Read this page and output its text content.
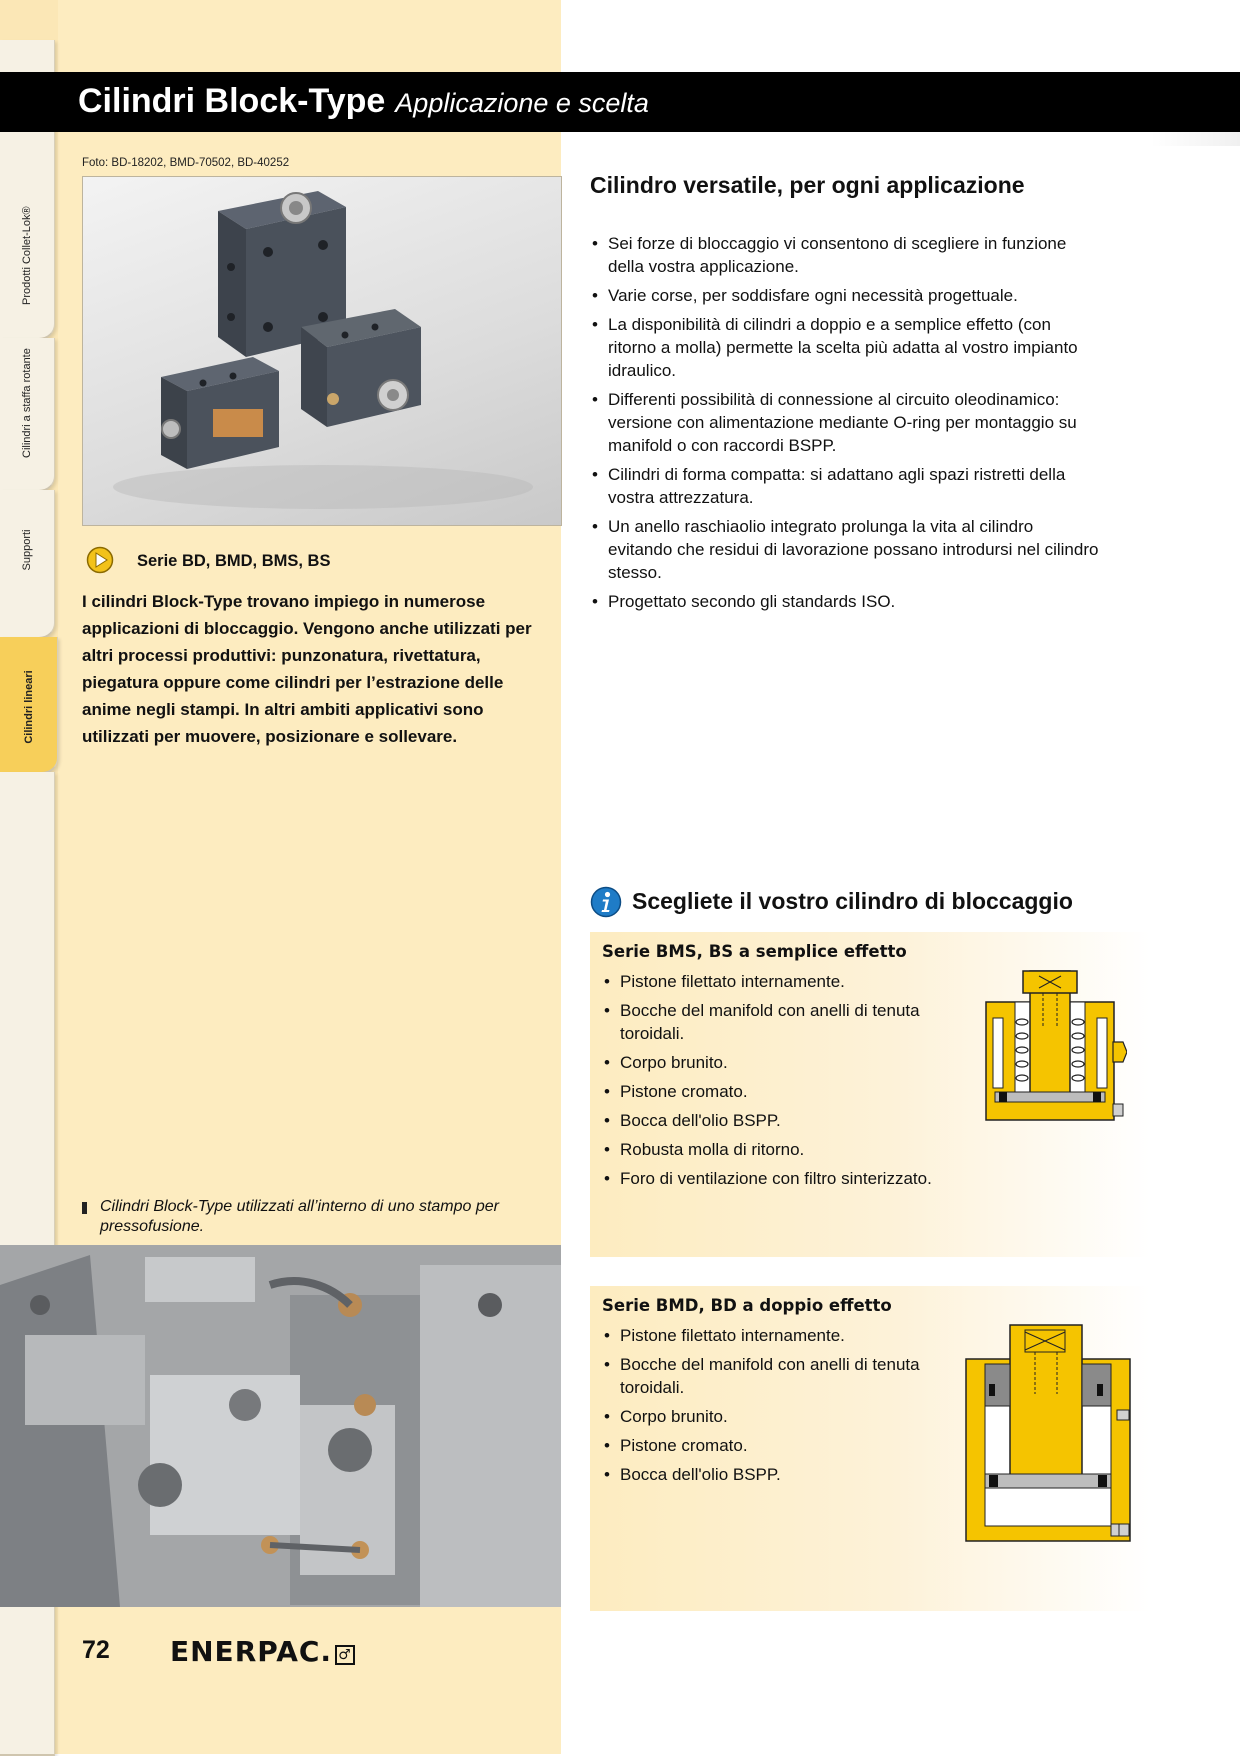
Prodotti Collet-Lok®
Cilindri a staffa rotante
Supporti
Cilindri lineari
Cilindri Block-Type Applicazione e scelta
Foto: BD-18202, BMD-70502, BD-40252
Serie BD, BMD, BMS, BS
I cilindri Block-Type trovano impiego in numerose applicazioni di bloccaggio. Vengono anche utilizzati per altri processi produttivi: punzonatura, rivettatura, piegatura oppure come cilindri per l’estrazione delle anime negli stampi. In altri ambiti applicativi sono utilizzati per muovere, posizionare e sollevare.
Cilindri Block-Type utilizzati all’interno di uno stampo per pressofusione.
72 ENERPAC. ♂
Cilindro versatile, per ogni applicazione
• Sei forze di bloccaggio vi consentono di scegliere in funzione della vostra applicazione.
• Varie corse, per soddisfare ogni necessità progettuale.
• La disponibilità di cilindri a doppio e a semplice effetto (con ritorno a molla) permette la scelta più adatta al vostro impianto idraulico.
• Differenti possibilità di connessione al circuito oleodinamico: versione con alimentazione mediante O-ring per montaggio su manifold o con raccordi BSPP.
• Cilindri di forma compatta: si adattano agli spazi ristretti della vostra attrezzatura.
• Un anello raschiaolio integrato prolunga la vita al cilindro evitando che residui di lavorazione possano introdursi nel cilindro stesso.
• Progettato secondo gli standards ISO.
Scegliete il vostro cilindro di bloccaggio
Serie BMS, BS a semplice effetto
• Pistone filettato internamente.
• Bocche del manifold con anelli di tenuta toroidali.
• Corpo brunito.
• Pistone cromato.
• Bocca dell'olio BSPP.
• Robusta molla di ritorno.
• Foro di ventilazione con filtro sinterizzato.
Serie BMD, BD a doppio effetto
• Pistone filettato internamente.
• Bocche del manifold con anelli di tenuta toroidali.
• Corpo brunito.
• Pistone cromato.
• Bocca dell'olio BSPP.
